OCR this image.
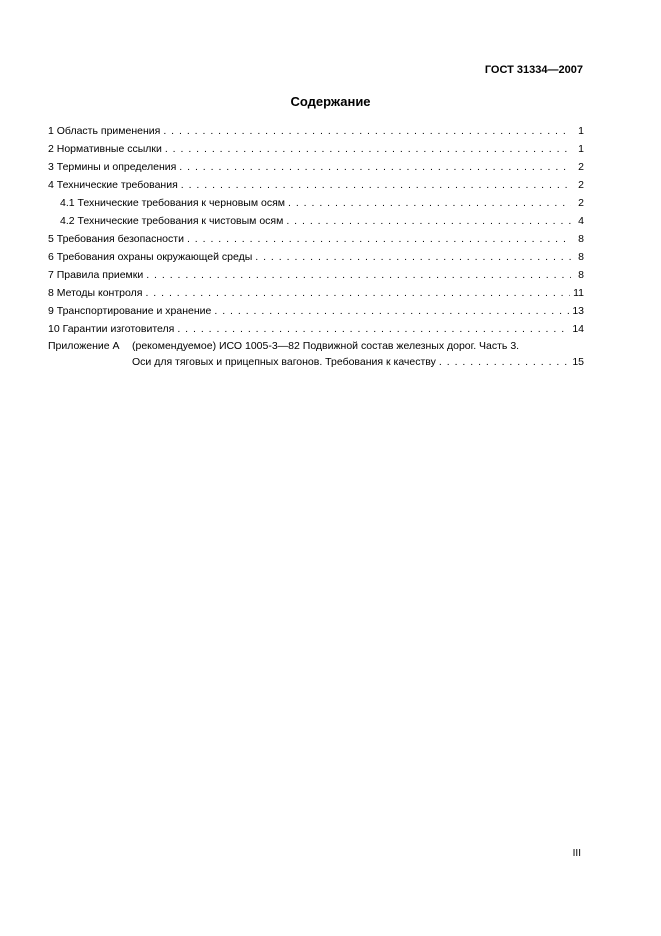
ГОСТ 31334—2007
Содержание
1 Область применения . . .	1
2 Нормативные ссылки . . .	1
3 Термины и определения . . .	2
4 Технические требования . . .	2
4.1 Технические требования к черновым осям . . .	2
4.2 Технические требования к чистовым осям . . .	4
5 Требования безопасности . . .	8
6 Требования охраны окружающей среды . . .	8
7 Правила приемки . . .	8
8 Методы контроля . . .	11
9 Транспортирование и хранение . . .	13
10 Гарантии изготовителя . . .	14
Приложение А (рекомендуемое) ИСО 1005-3—82 Подвижной состав железных дорог. Часть 3.
Оси для тяговых и прицепных вагонов. Требования к качеству . . .	15
III
